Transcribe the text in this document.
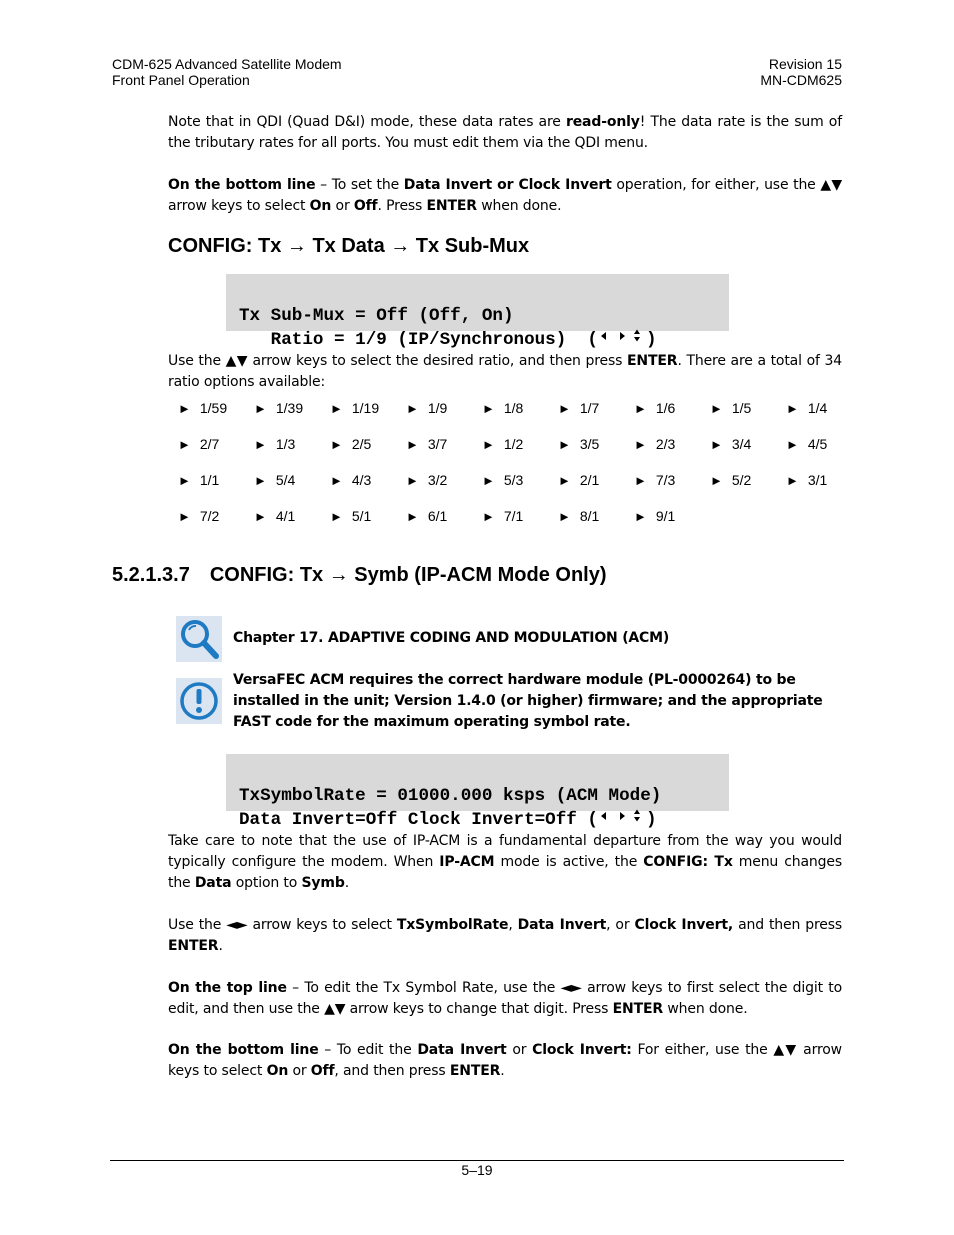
CDM-625 Advanced Satellite Modem
Front Panel Operation
Revision 15
MN-CDM625
Note that in QDI (Quad D&I) mode, these data rates are read-only! The data rate is the sum of the tributary rates for all ports. You must edit them via the QDI menu.
On the bottom line – To set the Data Invert or Clock Invert operation, for either, use the ▲▼ arrow keys to select On or Off. Press ENTER when done.
CONFIG: Tx → Tx Data → Tx Sub-Mux

Tx Sub-Mux = Off (Off, On)
Ratio = 1/9 (IP/Synchronous)  (	)

Use the ▲▼ arrow keys to select the desired ratio, and then press ENTER. There are a total of 34 ratio options available:
► 1/59 ► 1/39 ► 1/19 ► 1/9	► 1/8	► 1/7	► 1/6	► 1/5	► 1/4
► 2/7	► 1/3	► 2/5	► 3/7	► 1/2	► 3/5	► 2/3	► 3/4	► 4/5
► 1/1	► 5/4	► 4/3	► 3/2	► 5/3	► 2/1	► 7/3	► 5/2	► 3/1
► 7/2	► 4/1	► 5/1	► 6/1	► 7/1	► 8/1	► 9/1
5.2.1.3.7 CONFIG: Tx → Symb (IP-ACM Mode Only)
Chapter 17. ADAPTIVE CODING AND MODULATION (ACM)
VersaFEC ACM requires the correct hardware module (PL-0000264) to be installed in the unit; Version 1.4.0 (or higher) firmware; and the appropriate FAST code for the maximum operating symbol rate.

TxSymbolRate = 01000.000 ksps (ACM Mode)
Data Invert=Off Clock Invert=Off (	)

Take care to note that the use of IP-ACM is a fundamental departure from the way you would typically configure the modem. When IP-ACM mode is active, the CONFIG: Tx menu changes the Data option to Symb.
Use the ◄► arrow keys to select TxSymbolRate, Data Invert, or Clock Invert, and then press ENTER.
On the top line – To edit the Tx Symbol Rate, use the ◄► arrow keys to first select the digit to edit, and then use the ▲▼ arrow keys to change that digit. Press ENTER when done.
On the bottom line – To edit the Data Invert or Clock Invert: For either, use the ▲▼ arrow keys to select On or Off, and then press ENTER.
5–19
